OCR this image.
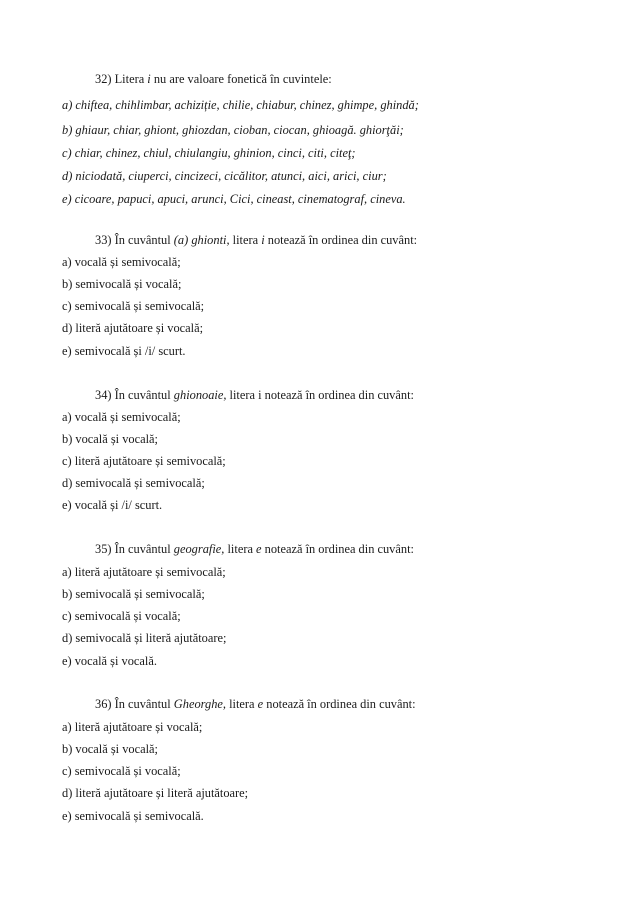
32) Litera i nu are valoare fonetică în cuvintele:
a) chiftea, chihlimbar, achiziție, chilie, chiabur, chinez, ghimpe, ghindă;
b) ghiaur, chiar, ghiont, ghiozdan, cioban, ciocan, ghioagă. ghiorţăi;
c) chiar, chinez, chiul, chiulangiu, ghinion, cinci, citi, citeţ;
d) niciodată, ciuperci, cincizeci, cicălitor, atunci, aici, arici, ciur;
e) cicoare, papuci, apuci, arunci, Cici, cineast, cinematograf, cineva.
33) În cuvântul (a) ghionti, litera i notează în ordinea din cuvânt:
a) vocală și semivocală;
b) semivocală și vocală;
c) semivocală și semivocală;
d) literă ajutătoare și vocală;
e) semivocală și /i/ scurt.
34) În cuvântul ghionoaie, litera i notează în ordinea din cuvânt:
a) vocală și semivocală;
b) vocală și vocală;
c) literă ajutătoare și semivocală;
d) semivocală și semivocală;
e) vocală și /i/ scurt.
35) În cuvântul geografie, litera e notează în ordinea din cuvânt:
a) literă ajutătoare și semivocală;
b) semivocală și semivocală;
c) semivocală și vocală;
d) semivocală și literă ajutătoare;
e) vocală și vocală.
36) În cuvântul Gheorghe, litera e notează în ordinea din cuvânt:
a) literă ajutătoare și vocală;
b) vocală și vocală;
c) semivocală și vocală;
d) literă ajutătoare și literă ajutătoare;
e) semivocală și semivocală.
